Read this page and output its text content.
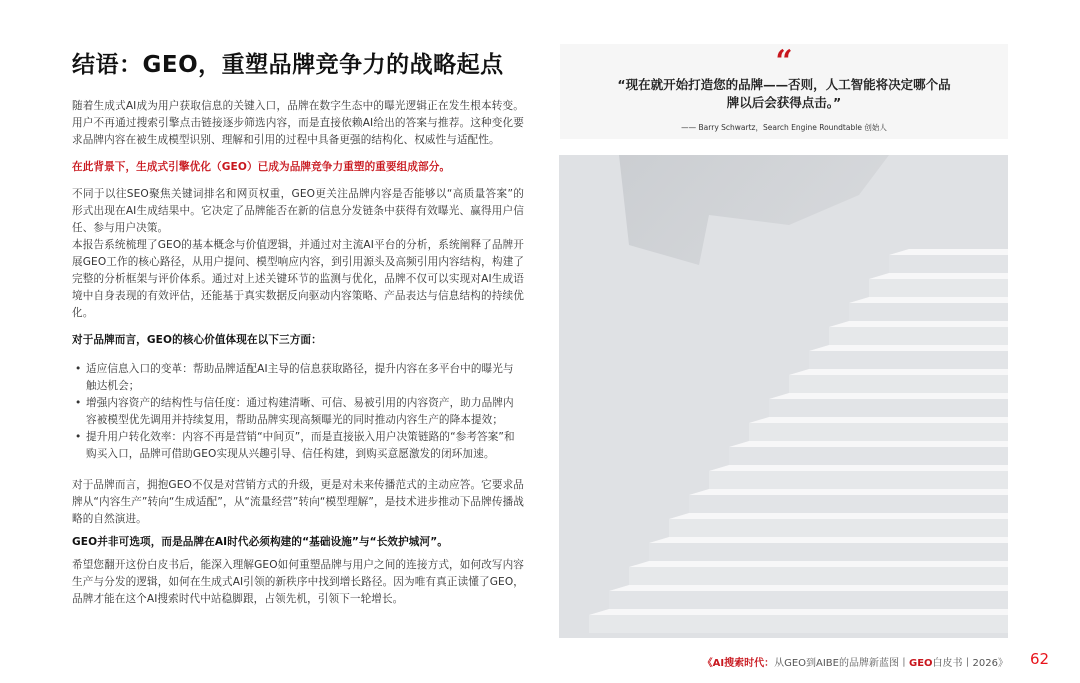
结语：GEO，重塑品牌竞争力的战略起点

随着生成式AI成为用户获取信息的关键入口，品牌在数字生态中的曝光逻辑正在发生根本转变。用户不再通过搜索引擎点击链接逐步筛选内容，而是直接依赖AI给出的答案与推荐。这种变化要求品牌内容在被生成模型识别、理解和引用的过程中具备更强的结构化、权威性与适配性。

在此背景下，生成式引擎优化（GEO）已成为品牌竞争力重塑的重要组成部分。

不同于以往SEO聚焦关键词排名和网页权重，GEO更关注品牌内容是否能够以“高质量答案”的形式出现在AI生成结果中。它决定了品牌能否在新的信息分发链条中获得有效曝光、赢得用户信任、参与用户决策。

本报告系统梳理了GEO的基本概念与价值逻辑，并通过对主流AI平台的分析，系统阐释了品牌开展GEO工作的核心路径，从用户提问、模型响应内容，到引用源头及高频引用内容结构，构建了完整的分析框架与评价体系。通过对上述关键环节的监测与优化，品牌不仅可以实现对AI生成语境中自身表现的有效评估，还能基于真实数据反向驱动内容策略、产品表达与信息结构的持续优化。

对于品牌而言，GEO的核心价值体现在以下三方面：

• 适应信息入口的变革：帮助品牌适配AI主导的信息获取路径，提升内容在多平台中的曝光与触达机会；
• 增强内容资产的结构性与信任度：通过构建清晰、可信、易被引用的内容资产，助力品牌内容被模型优先调用并持续复用，帮助品牌实现高频曝光的同时推动内容生产的降本提效；
• 提升用户转化效率：内容不再是营销“中间页”，而是直接嵌入用户决策链路的“参考答案”和购买入口，品牌可借助GEO实现从兴趣引导、信任构建，到购买意愿激发的闭环加速。

对于品牌而言，拥抱GEO不仅是对营销方式的升级，更是对未来传播范式的主动应答。它要求品牌从“内容生产”转向“生成适配”，从“流量经营”转向“模型理解”，是技术进步推动下品牌传播战略的自然演进。

GEO并非可选项，而是品牌在AI时代必须构建的“基础设施”与“长效护城河”。

希望您翻开这份白皮书后，能深入理解GEO如何重塑品牌与用户之间的连接方式，如何改写内容生产与分发的逻辑，如何在生成式AI引领的新秩序中找到增长路径。因为唯有真正读懂了GEO，品牌才能在这个AI搜索时代中站稳脚跟，占领先机，引领下一轮增长。

“
“现在就开始打造您的品牌——否则，人工智能将决定哪个品牌以后会获得点击。”
—— Barry Schwartz，Search Engine Roundtable 创始人
《AI搜索时代：从GEO到AIBE的品牌新蓝图丨GEO白皮书丨2026》 62
